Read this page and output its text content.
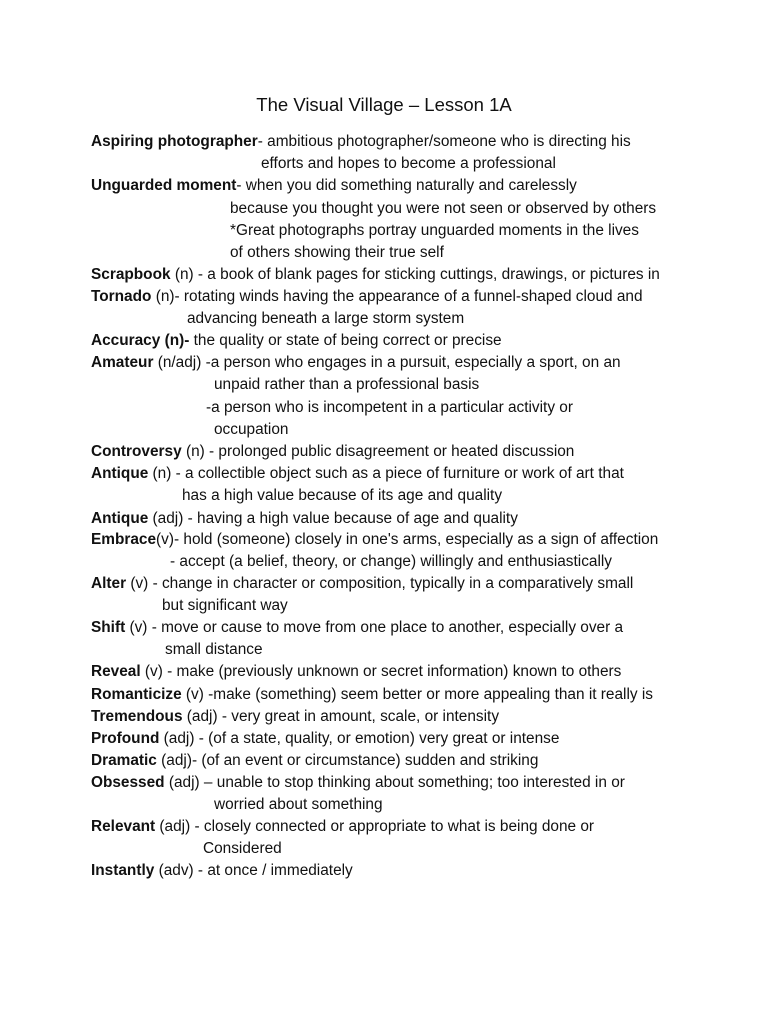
The Visual Village – Lesson 1A
Aspiring photographer- ambitious photographer/someone who is directing his
efforts and hopes to become a professional
Unguarded moment- when you did something naturally and carelessly
because you thought you were not seen or observed by others
*Great photographs portray unguarded moments in the lives
of others showing their true self
Scrapbook (n) - a book of blank pages for sticking cuttings, drawings, or pictures in
Tornado (n)- rotating winds having the appearance of a funnel-shaped cloud and
advancing beneath a large storm system
Accuracy (n)- the quality or state of being correct or precise
Amateur (n/adj) -a person who engages in a pursuit, especially a sport, on an
unpaid rather than a professional basis
-a person who is incompetent in a particular activity or
occupation
Controversy (n) - prolonged public disagreement or heated discussion
Antique (n) - a collectible object such as a piece of furniture or work of art that
has a high value because of its age and quality
Antique (adj) - having a high value because of age and quality
Embrace(v)- hold (someone) closely in one's arms, especially as a sign of affection
- accept (a belief, theory, or change) willingly and enthusiastically
Alter (v) - change in character or composition, typically in a comparatively small
but significant way
Shift (v) - move or cause to move from one place to another, especially over a
small distance
Reveal (v) - make (previously unknown or secret information) known to others
Romanticize (v) -make (something) seem better or more appealing than it really is
Tremendous (adj) - very great in amount, scale, or intensity
Profound (adj) - (of a state, quality, or emotion) very great or intense
Dramatic (adj)- (of an event or circumstance) sudden and striking
Obsessed (adj) – unable to stop thinking about something; too interested in or
worried about something
Relevant (adj) - closely connected or appropriate to what is being done or
Considered
Instantly (adv) - at once / immediately
